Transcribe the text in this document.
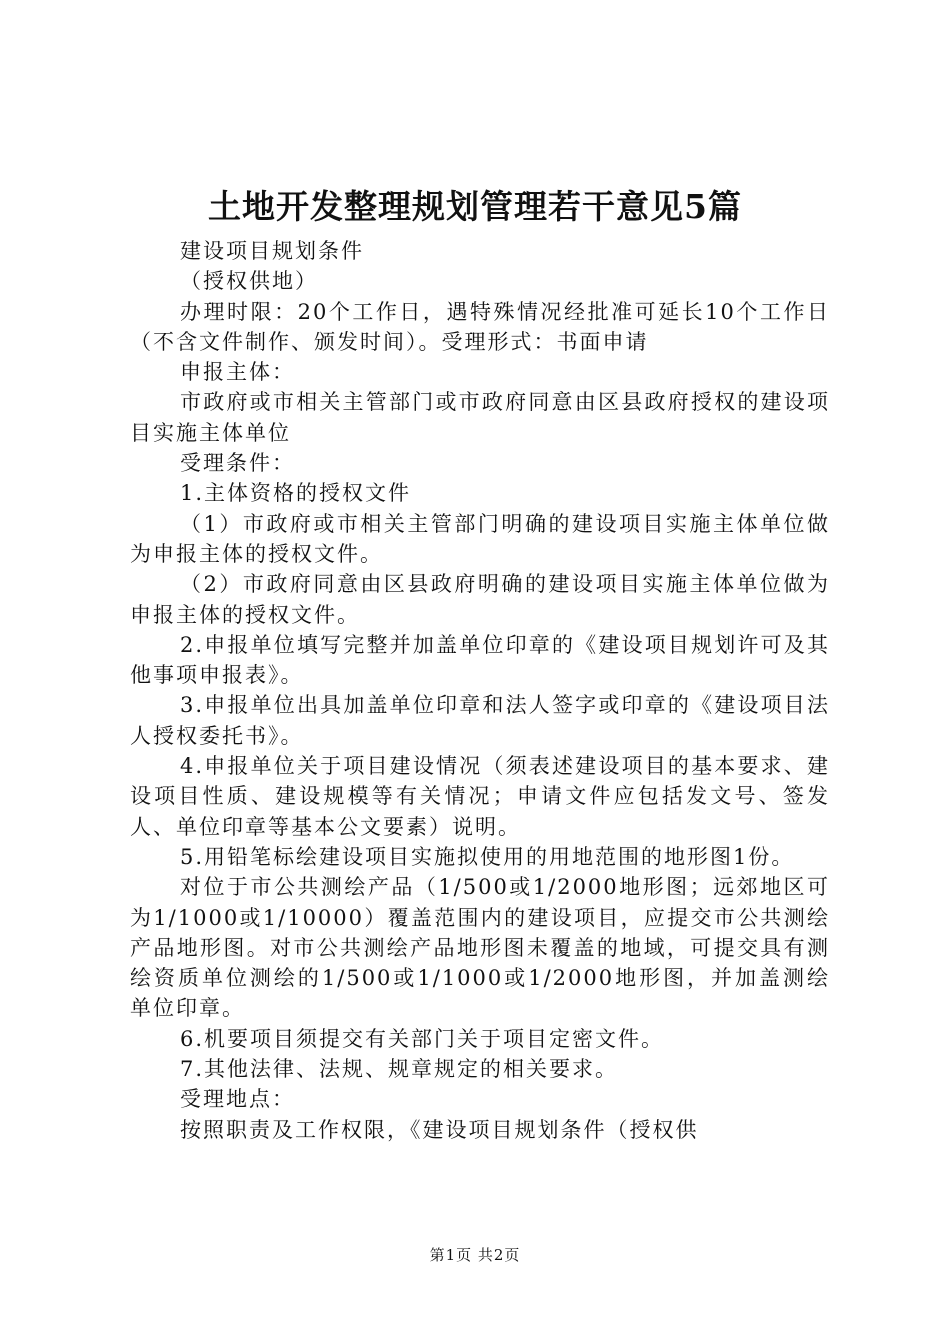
土地开发整理规划管理若干意见5篇

建设项目规划条件

（授权供地）

办理时限：20个工作日，遇特殊情况经批准可延长10个工作日（不含文件制作、颁发时间）。受理形式：书面申请

申报主体：

市政府或市相关主管部门或市政府同意由区县政府授权的建设项目实施主体单位

受理条件：

1.主体资格的授权文件

（1）市政府或市相关主管部门明确的建设项目实施主体单位做为申报主体的授权文件。

（2）市政府同意由区县政府明确的建设项目实施主体单位做为申报主体的授权文件。

2.申报单位填写完整并加盖单位印章的《建设项目规划许可及其他事项申报表》。

3.申报单位出具加盖单位印章和法人签字或印章的《建设项目法人授权委托书》。

4.申报单位关于项目建设情况（须表述建设项目的基本要求、建设项目性质、建设规模等有关情况；申请文件应包括发文号、签发人、单位印章等基本公文要素）说明。

5.用铅笔标绘建设项目实施拟使用的用地范围的地形图1份。

对位于市公共测绘产品（1/500或1/2000地形图；远郊地区可为1/1000或1/10000）覆盖范围内的建设项目，应提交市公共测绘产品地形图。对市公共测绘产品地形图未覆盖的地域，可提交具有测绘资质单位测绘的1/500或1/1000或1/2000地形图，并加盖测绘单位印章。

6.机要项目须提交有关部门关于项目定密文件。

7.其他法律、法规、规章规定的相关要求。

受理地点：

按照职责及工作权限，《建设项目规划条件（授权供

第1页 共2页
